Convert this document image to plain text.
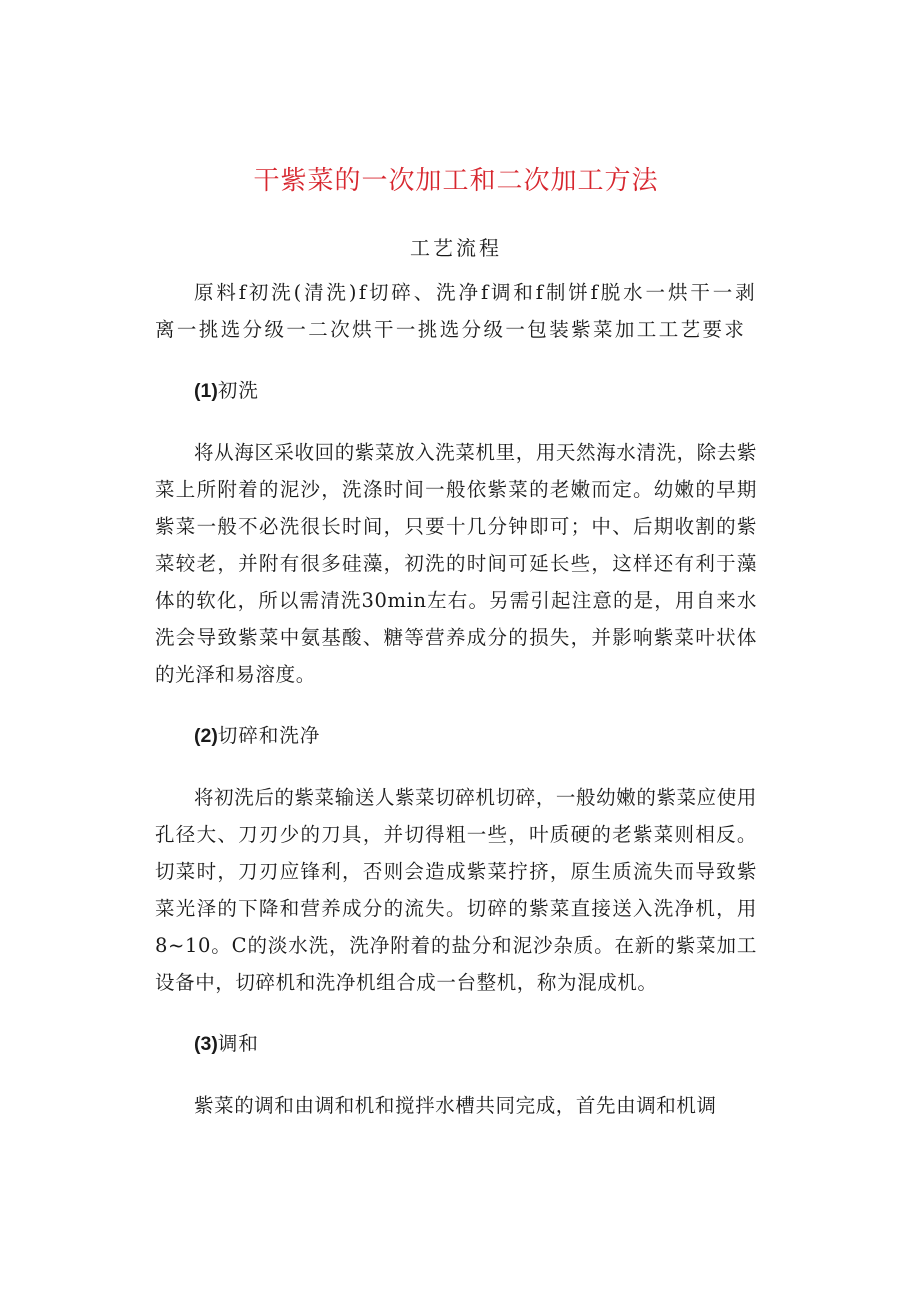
干紫菜的一次加工和二次加工方法
工艺流程

原料f初洗(清洗)f切碎、洗净f调和f制饼f脱水一烘干一剥离一挑选分级一二次烘干一挑选分级一包装紫菜加工工艺要求

(1)初洗

将从海区采收回的紫菜放入洗菜机里，用天然海水清洗，除去紫菜上所附着的泥沙，洗涤时间一般依紫菜的老嫩而定。幼嫩的早期紫菜一般不必洗很长时间，只要十几分钟即可；中、后期收割的紫菜较老，并附有很多硅藻，初洗的时间可延长些，这样还有利于藻体的软化，所以需清洗30min左右。另需引起注意的是，用自来水洗会导致紫菜中氨基酸、糖等营养成分的损失，并影响紫菜叶状体的光泽和易溶度。

(2)切碎和洗净

将初洗后的紫菜输送人紫菜切碎机切碎，一般幼嫩的紫菜应使用孔径大、刀刃少的刀具，并切得粗一些，叶质硬的老紫菜则相反。切菜时，刀刃应锋利，否则会造成紫菜拧挤，原生质流失而导致紫菜光泽的下降和营养成分的流失。切碎的紫菜直接送入洗净机，用8~10。C的淡水洗，洗净附着的盐分和泥沙杂质。在新的紫菜加工设备中，切碎机和洗净机组合成一台整机，称为混成机。

(3)调和

紫菜的调和由调和机和搅拌水槽共同完成，首先由调和机调
